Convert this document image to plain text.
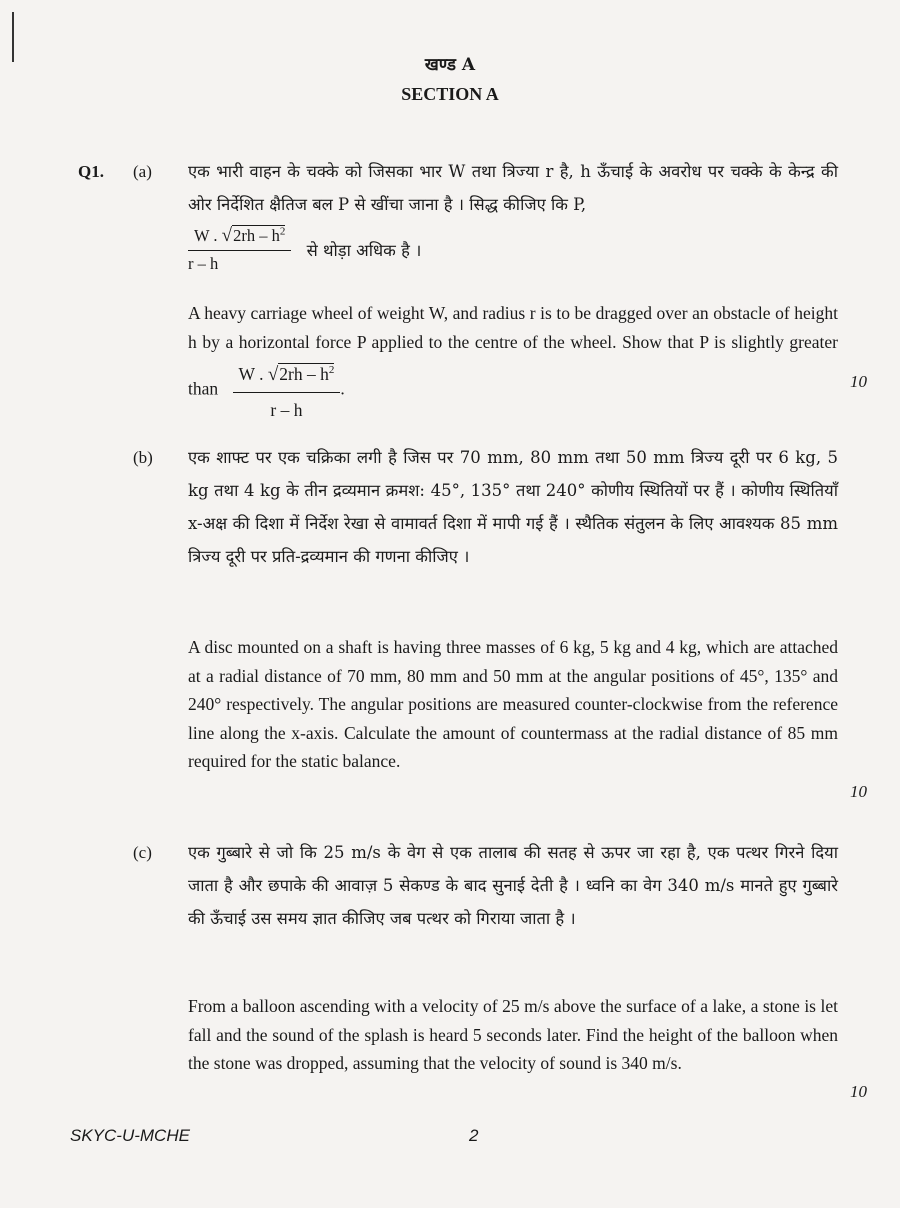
खण्ड A
SECTION A
Q1. (a) एक भारी वाहन के चक्के को जिसका भार W तथा त्रिज्या r है, h ऊँचाई के अवरोध पर चक्के के केन्द्र की ओर निर्देशित क्षैतिज बल P से खींचा जाना है । सिद्ध कीजिए कि P,
$\frac{W . √2rh - h^2}{r - h}$ से थोड़ा अधिक है ।
A heavy carriage wheel of weight W, and radius r is to be dragged over an obstacle of height h by a horizontal force P applied to the centre of the wheel. Show that P is slightly greater than $\frac{W . √2rh - h^2}{r - h}$ .	10
(b) एक शाफ्ट पर एक चक्रिका लगी है जिस पर 70 mm, 80 mm तथा 50 mm त्रिज्य दूरी पर 6 kg, 5 kg तथा 4 kg के तीन द्रव्यमान क्रमश: 45°, 135° तथा 240° कोणीय स्थितियों पर हैं । कोणीय स्थितियाँ x-अक्ष की दिशा में निर्देश रेखा से वामावर्त दिशा में मापी गई हैं । स्थैतिक संतुलन के लिए आवश्यक 85 mm त्रिज्य दूरी पर प्रति-द्रव्यमान की गणना कीजिए ।
A disc mounted on a shaft is having three masses of 6 kg, 5 kg and 4 kg, which are attached at a radial distance of 70 mm, 80 mm and 50 mm at the angular positions of 45°, 135° and 240° respectively. The angular positions are measured counter-clockwise from the reference line along the x-axis. Calculate the amount of countermass at the radial distance of 85 mm required for the static balance.
10
(c) एक गुब्बारे से जो कि 25 m/s के वेग से एक तालाब की सतह से ऊपर जा रहा है, एक पत्थर गिरने दिया जाता है और छपाके की आवाज़ 5 सेकण्ड के बाद सुनाई देती है । ध्वनि का वेग 340 m/s मानते हुए गुब्बारे की ऊँचाई उस समय ज्ञात कीजिए जब पत्थर को गिराया जाता है ।
From a balloon ascending with a velocity of 25 m/s above the surface of a lake, a stone is let fall and the sound of the splash is heard 5 seconds later. Find the height of the balloon when the stone was dropped, assuming that the velocity of sound is 340 m/s.
10
SKYC-U-MCHE	2
